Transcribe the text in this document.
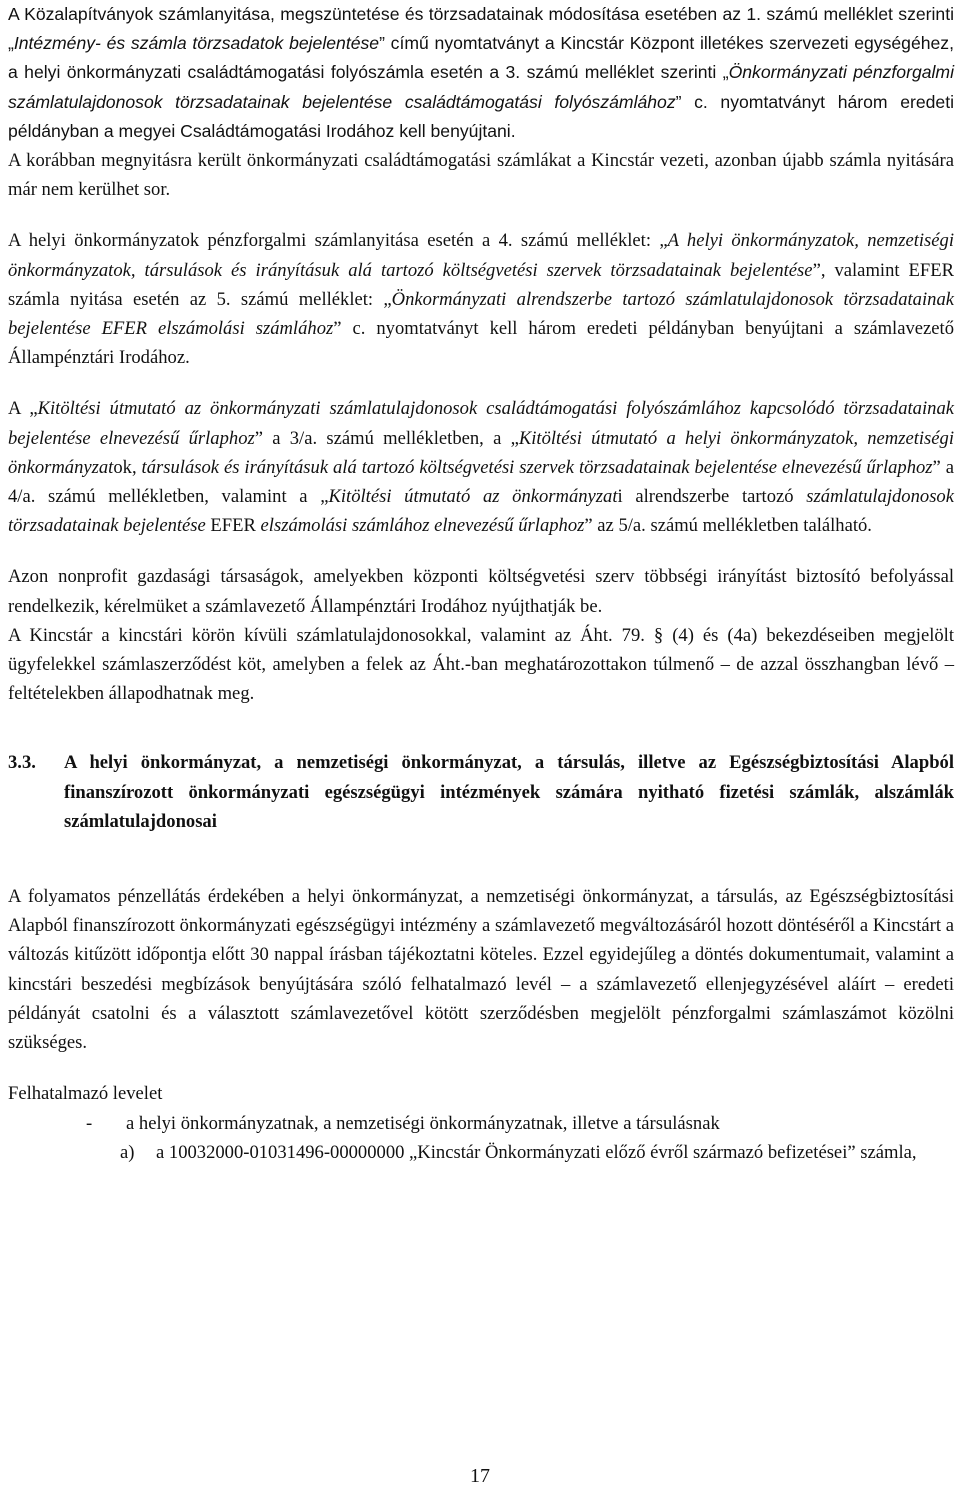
A Közalapítványok számlanyitása, megszüntetése és törzsadatainak módosítása esetében az 1. számú melléklet szerinti „Intézmény- és számla törzsadatok bejelentése” című nyomtatványt a Kincstár Központ illetékes szervezeti egységéhez, a helyi önkormányzati családtámogatási folyószámla esetén a 3. számú melléklet szerinti „Önkormányzati pénzforgalmi számlatulajdonosok törzsadatainak bejelentése családtámogatási folyószámlához” c. nyomtatványt három eredeti példányban a megyei Családtámogatási Irodához kell benyújtani.

A korábban megnyitásra került önkormányzati családtámogatási számlákat a Kincstár vezeti, azonban újabb számla nyitására már nem kerülhet sor.

A helyi önkormányzatok pénzforgalmi számlanyitása esetén a 4. számú melléklet: „A helyi önkormányzatok, nemzetiségi önkormányzatok, társulások és irányításuk alá tartozó költségvetési szervek törzsadatainak bejelentése”, valamint EFER számla nyitása esetén az 5. számú melléklet: „Önkormányzati alrendszerbe tartozó számlatulajdonosok törzsadatainak bejelentése EFER elszámolási számlához” c. nyomtatványt kell három eredeti példányban benyújtani a számlavezető Állampénztári Irodához.

A „Kitöltési útmutató az önkormányzati számlatulajdonosok családtámogatási folyószámlához kapcsolódó törzsadatainak bejelentése elnevezésű űrlaphoz” a 3/a. számú mellékletben, a „Kitöltési útmutató a helyi önkormányzatok, nemzetiségi önkormányzatok, társulások és irányításuk alá tartozó költségvetési szervek törzsadatainak bejelentése elnevezésű űrlaphoz” a 4/a. számú mellékletben, valamint a „Kitöltési útmutató az önkormányzati alrendszerbe tartozó számlatulajdonosok törzsadatainak bejelentése EFER elszámolási számlához elnevezésű űrlaphoz” az 5/a. számú mellékletben található.

Azon nonprofit gazdasági társaságok, amelyekben központi költségvetési szerv többségi irányítást biztosító befolyással rendelkezik, kérelmüket a számlavezető Állampénztári Irodához nyújthatják be.

A Kincstár a kincstári körön kívüli számlatulajdonosokkal, valamint az Áht. 79. § (4) és (4a) bekezdéseiben megjelölt ügyfelekkel számlaszerződést köt, amelyben a felek az Áht.-ban meghatározottakon túlmenő – de azzal összhangban lévő – feltételekben állapodhatnak meg.

3.3.	A helyi önkormányzat, a nemzetiségi önkormányzat, a társulás, illetve az Egészségbiztosítási Alapból finanszírozott önkormányzati egészségügyi intézmények számára nyitható fizetési számlák, alszámlák számlatulajdonosai

A folyamatos pénzellátás érdekében a helyi önkormányzat, a nemzetiségi önkormányzat, a társulás, az Egészségbiztosítási Alapból finanszírozott önkormányzati egészségügyi intézmény a számlavezető megváltozásáról hozott döntéséről a Kincstárt a változás kitűzött időpontja előtt 30 nappal írásban tájékoztatni köteles. Ezzel egyidejűleg a döntés dokumentumait, valamint a kincstári beszedési megbízások benyújtására szóló felhatalmazó levél – a számlavezető ellenjegyzésével aláírt – eredeti példányát csatolni és a választott számlavezetővel kötött szerződésben megjelölt pénzforgalmi számlaszámot közölni szükséges.

Felhatalmazó levelet

-	a helyi önkormányzatnak, a nemzetiségi önkormányzatnak, illetve a társulásnak
a)	a 10032000-01031496-00000000 „Kincstár Önkormányzati előző évről származó befizetései” számla,
17
